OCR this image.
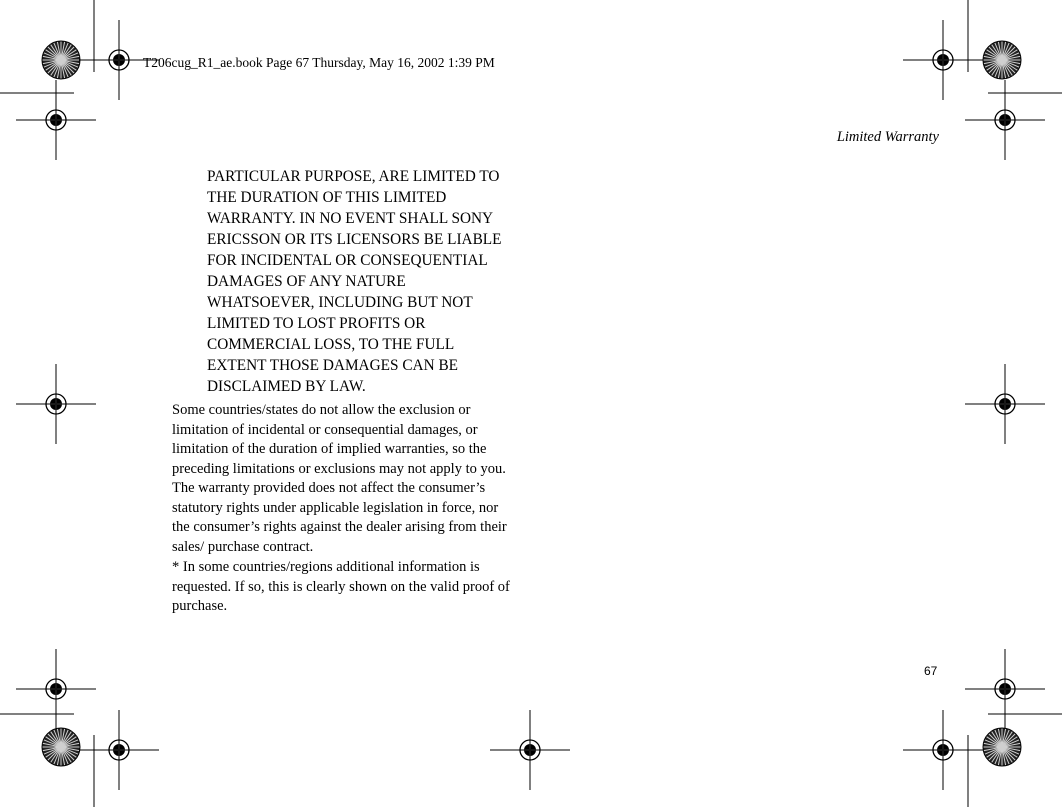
T206cug_R1_ae.book Page 67 Thursday, May 16, 2002 1:39 PM
Limited Warranty

PARTICULAR PURPOSE, ARE LIMITED TO
THE DURATION OF THIS LIMITED
WARRANTY. IN NO EVENT SHALL SONY
ERICSSON OR ITS LICENSORS BE LIABLE
FOR INCIDENTAL OR CONSEQUENTIAL
DAMAGES OF ANY NATURE
WHATSOEVER, INCLUDING BUT NOT
LIMITED TO LOST PROFITS OR
COMMERCIAL LOSS, TO THE FULL
EXTENT THOSE DAMAGES CAN BE
DISCLAIMED BY LAW.

Some countries/states do not allow the exclusion or
limitation of incidental or consequential damages, or
limitation of the duration of implied warranties, so the
preceding limitations or exclusions may not apply to you.

The warranty provided does not affect the consumer’s
statutory rights under applicable legislation in force, nor
the consumer’s rights against the dealer arising from their
sales/ purchase contract.

* In some countries/regions additional information is
requested. If so, this is clearly shown on the valid proof of
purchase.

67
